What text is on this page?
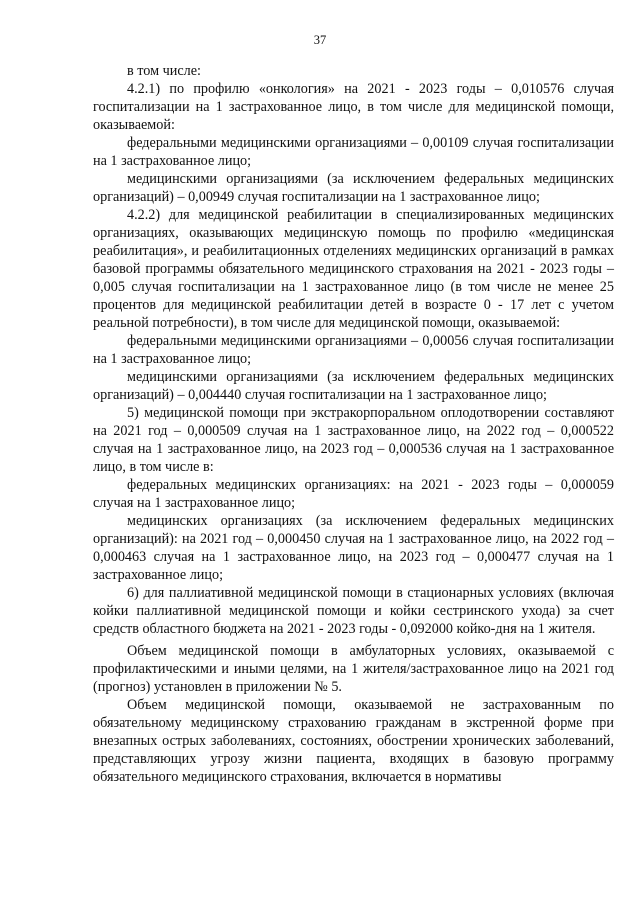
37

в том числе:

4.2.1) по профилю «онкология» на 2021 - 2023 годы – 0,010576 случая госпитализации на 1 застрахованное лицо, в том числе для медицинской помощи, оказываемой:

федеральными медицинскими организациями – 0,00109 случая госпитализации на 1 застрахованное лицо;

медицинскими организациями (за исключением федеральных медицинских организаций) – 0,00949 случая госпитализации на 1 застрахованное лицо;

4.2.2) для медицинской реабилитации в специализированных медицинских организациях, оказывающих медицинскую помощь по профилю «медицинская реабилитация», и реабилитационных отделениях медицинских организаций в рамках базовой программы обязательного медицинского страхования на 2021 - 2023 годы – 0,005 случая госпитализации на 1 застрахованное лицо (в том числе не менее 25 процентов для медицинской реабилитации детей в возрасте 0 - 17 лет с учетом реальной потребности), в том числе для медицинской помощи, оказываемой:

федеральными медицинскими организациями – 0,00056 случая госпитализации на 1 застрахованное лицо;

медицинскими организациями (за исключением федеральных медицинских организаций) – 0,004440 случая госпитализации на 1 застрахованное лицо;

5) медицинской помощи при экстракорпоральном оплодотворении составляют на 2021 год – 0,000509 случая на 1 застрахованное лицо, на 2022 год – 0,000522 случая на 1 застрахованное лицо, на 2023 год – 0,000536 случая на 1 застрахованное лицо, в том числе в:

федеральных медицинских организациях: на 2021 - 2023 годы – 0,000059 случая на 1 застрахованное лицо;

медицинских организациях (за исключением федеральных медицинских организаций): на 2021 год – 0,000450 случая на 1 застрахованное лицо, на 2022 год – 0,000463 случая на 1 застрахованное лицо, на 2023 год – 0,000477 случая на 1 застрахованное лицо;

6) для паллиативной медицинской помощи в стационарных условиях (включая койки паллиативной медицинской помощи и койки сестринского ухода) за счет средств областного бюджета на 2021 - 2023 годы - 0,092000 койко-дня на 1 жителя.

Объем медицинской помощи в амбулаторных условиях, оказываемой с профилактическими и иными целями, на 1 жителя/застрахованное лицо на 2021 год (прогноз) установлен в приложении № 5.

Объем медицинской помощи, оказываемой не застрахованным по обязательному медицинскому страхованию гражданам в экстренной форме при внезапных острых заболеваниях, состояниях, обострении хронических заболеваний, представляющих угрозу жизни пациента, входящих в базовую программу обязательного медицинского страхования, включается в нормативы
